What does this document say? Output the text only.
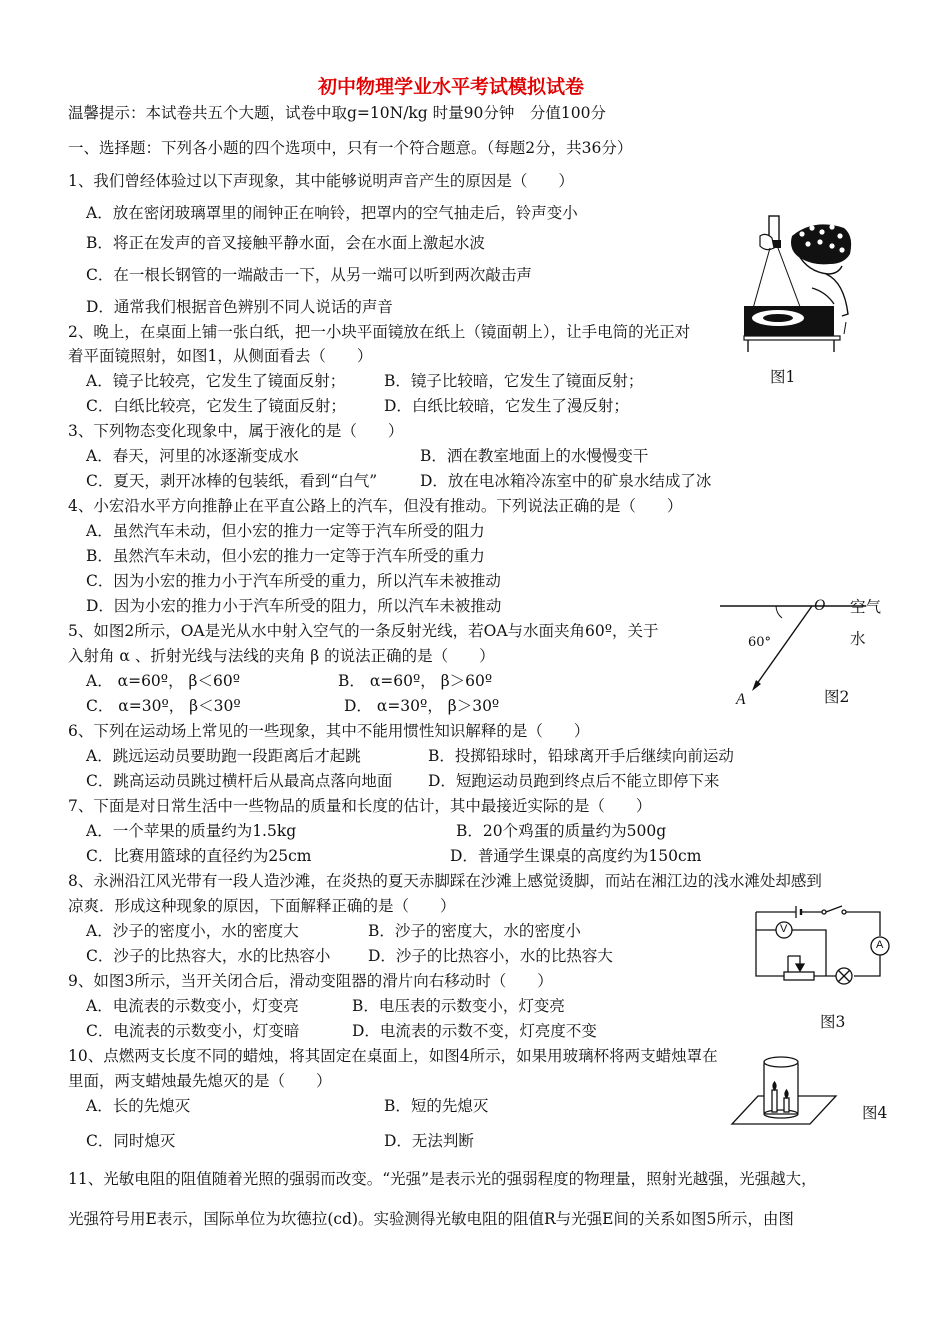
初中物理学业水平考试模拟试卷
温馨提示：本试卷共五个大题，试卷中取g=10N/kg 时量90分钟　分值100分
一、选择题：下列各小题的四个选项中，只有一个符合题意。（每题2分，共36分）
1、我们曾经体验过以下声现象，其中能够说明声音产生的原因是（　　）
A．放在密闭玻璃罩里的闹钟正在响铃，把罩内的空气抽走后，铃声变小
B．将正在发声的音叉接触平静水面，会在水面上激起水波
C．在一根长钢管的一端敲击一下，从另一端可以听到两次敲击声
D．通常我们根据音色辨别不同人说话的声音
2、晚上，在桌面上铺一张白纸，把一小块平面镜放在纸上（镜面朝上），让手电筒的光正对
着平面镜照射，如图1，从侧面看去（　　）
A．镜子比较亮，它发生了镜面反射；	B．镜子比较暗，它发生了镜面反射；
C．白纸比较亮，它发生了镜面反射； D．白纸比较暗，它发生了漫反射；
3、下列物态变化现象中，属于液化的是（　　）
A．春天，河里的冰逐渐变成水	B．洒在教室地面上的水慢慢变干
C．夏天，剥开冰棒的包装纸，看到“白气”	D．放在电冰箱冷冻室中的矿泉水结成了冰
4、小宏沿水平方向推静止在平直公路上的汽车，但没有推动。下列说法正确的是（　　）
A．虽然汽车未动，但小宏的推力一定等于汽车所受的阻力
B．虽然汽车未动，但小宏的推力一定等于汽车所受的重力
C．因为小宏的推力小于汽车所受的重力，所以汽车未被推动
D．因为小宏的推力小于汽车所受的阻力，所以汽车未被推动
5、如图2所示，OA是光从水中射入空气的一条反射光线，若OA与水面夹角60º，关于
入射角 α 、折射光线与法线的夹角 β 的说法正确的是（　　）
A． α=60º， β＜60º	B． α=60º， β＞60º
C． α=30º， β＜30º	D． α=30º， β＞30º
6、下列在运动场上常见的一些现象，其中不能用惯性知识解释的是（　　）
A．跳远运动员要助跑一段距离后才起跳	B．投掷铅球时，铅球离开手后继续向前运动
C．跳高运动员跳过横杆后从最高点落向地面 D．短跑运动员跑到终点后不能立即停下来
7、下面是对日常生活中一些物品的质量和长度的估计，其中最接近实际的是（　　）
A．一个苹果的质量约为1.5kg	B．20个鸡蛋的质量约为500g
C．比赛用篮球的直径约为25cm	D．普通学生课桌的高度约为150cm
8、永洲沿江风光带有一段人造沙滩，在炎热的夏天赤脚踩在沙滩上感觉烫脚，而站在湘江边的浅水滩处却感到
凉爽．形成这种现象的原因，下面解释正确的是（　　）
A．沙子的密度小，水的密度大	B．沙子的密度大，水的密度小
C．沙子的比热容大，水的比热容小 D．沙子的比热容小，水的比热容大
9、如图3所示，当开关闭合后，滑动变阻器的滑片向右移动时（　　）
A．电流表的示数变小，灯变亮	B．电压表的示数变小，灯变亮
C．电流表的示数变小，灯变暗	D．电流表的示数不变，灯亮度不变
10、点燃两支长度不同的蜡烛，将其固定在桌面上，如图4所示，如果用玻璃杯将两支蜡烛罩在
里面，两支蜡烛最先熄灭的是（　　）
A．长的先熄灭	B．短的先熄灭
C．同时熄灭	D．无法判断
11、光敏电阻的阻值随着光照的强弱而改变。“光强”是表示光的强弱程度的物理量，照射光越强，光强越大，
光强符号用E表示，国际单位为坎德拉(cd)。实验测得光敏电阻的阻值R与光强E间的关系如图5所示，由图
图1
O 空气
水
60°
A	图2
V
A
图3
图4
